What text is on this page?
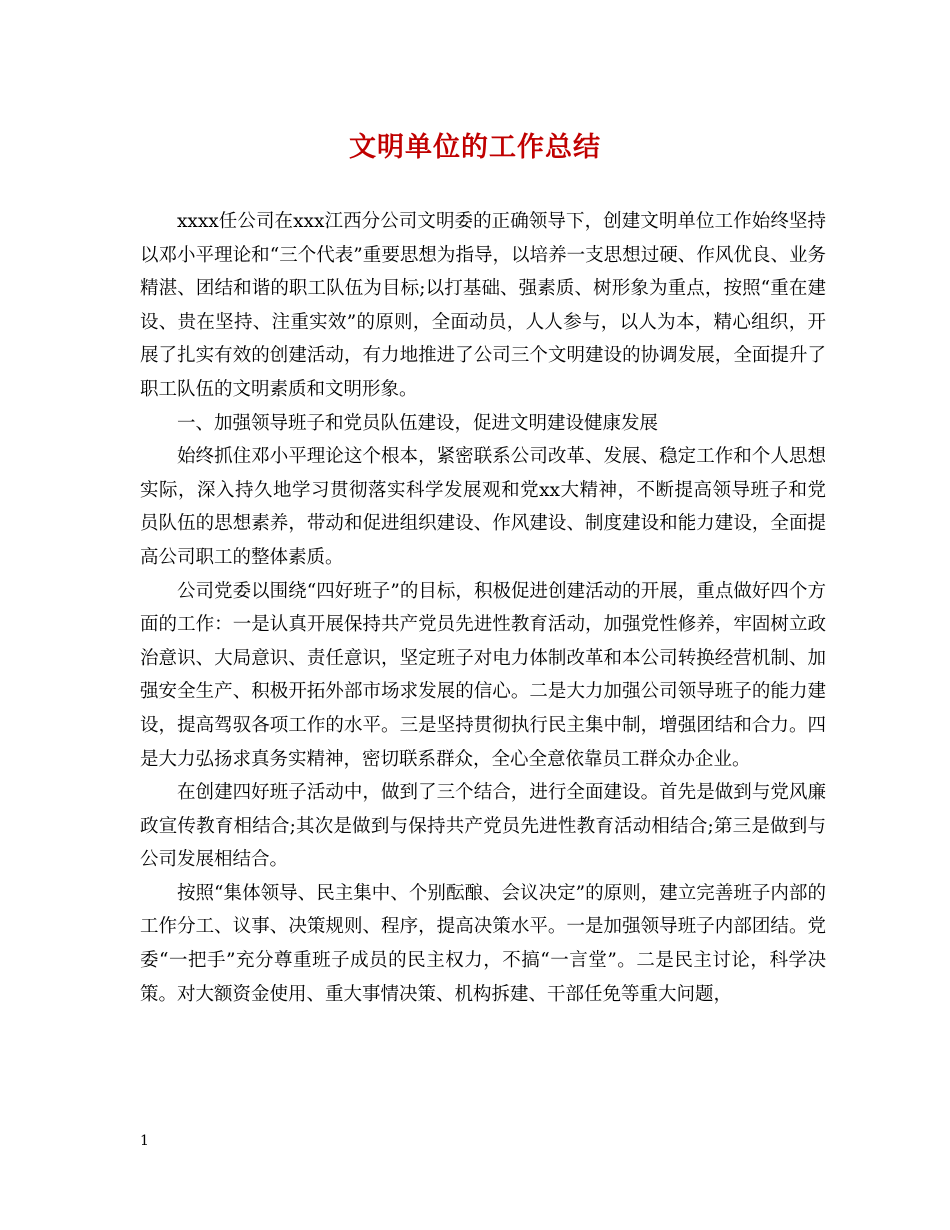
文明单位的工作总结

xxxx任公司在xxx江西分公司文明委的正确领导下，创建文明单位工作始终坚持以邓小平理论和“三个代表”重要思想为指导，以培养一支思想过硬、作风优良、业务精湛、团结和谐的职工队伍为目标;以打基础、强素质、树形象为重点，按照“重在建设、贵在坚持、注重实效”的原则，全面动员，人人参与，以人为本，精心组织，开展了扎实有效的创建活动，有力地推进了公司三个文明建设的协调发展，全面提升了职工队伍的文明素质和文明形象。

一、加强领导班子和党员队伍建设，促进文明建设健康发展

始终抓住邓小平理论这个根本，紧密联系公司改革、发展、稳定工作和个人思想实际，深入持久地学习贯彻落实科学发展观和党xx大精神，不断提高领导班子和党员队伍的思想素养，带动和促进组织建设、作风建设、制度建设和能力建设，全面提高公司职工的整体素质。

公司党委以围绕“四好班子”的目标，积极促进创建活动的开展，重点做好四个方面的工作：一是认真开展保持共产党员先进性教育活动，加强党性修养，牢固树立政治意识、大局意识、责任意识，坚定班子对电力体制改革和本公司转换经营机制、加强安全生产、积极开拓外部市场求发展的信心。二是大力加强公司领导班子的能力建设，提高驾驭各项工作的水平。三是坚持贯彻执行民主集中制，增强团结和合力。四是大力弘扬求真务实精神，密切联系群众，全心全意依靠员工群众办企业。

在创建四好班子活动中，做到了三个结合，进行全面建设。首先是做到与党风廉政宣传教育相结合;其次是做到与保持共产党员先进性教育活动相结合;第三是做到与公司发展相结合。

按照“集体领导、民主集中、个别酝酿、会议决定”的原则，建立完善班子内部的工作分工、议事、决策规则、程序，提高决策水平。一是加强领导班子内部团结。党委“一把手”充分尊重班子成员的民主权力，不搞“一言堂”。二是民主讨论，科学决策。对大额资金使用、重大事情决策、机构拆建、干部任免等重大问题，

1
